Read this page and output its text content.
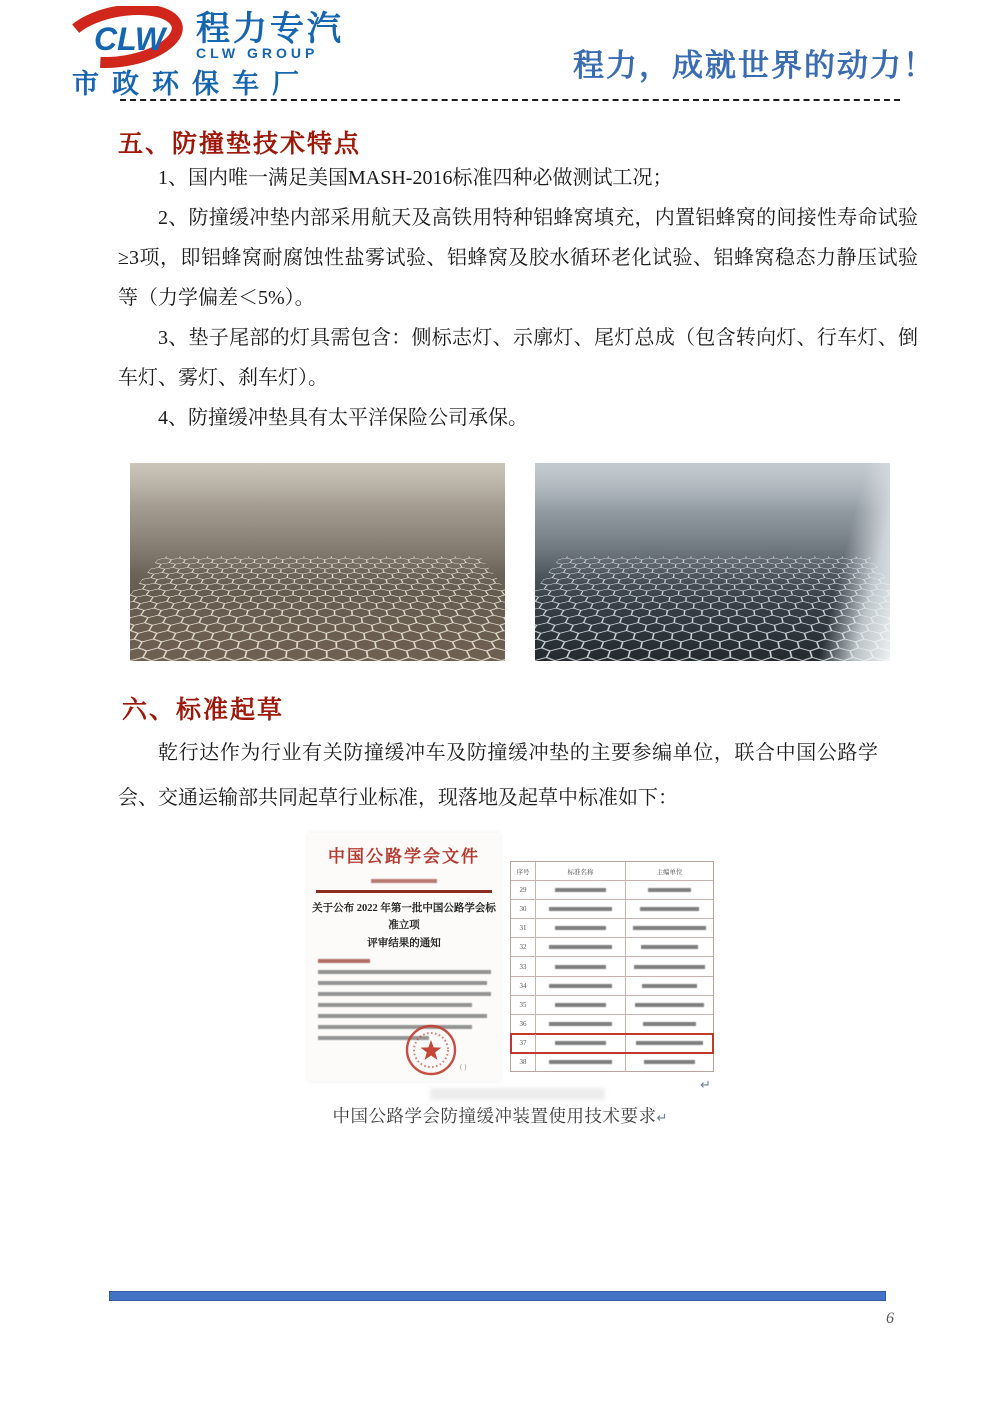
CLW 程力专汽
CLW GROUP
市政环保车厂
程力，成就世界的动力！
五、防撞垫技术特点

1、国内唯一满足美国MASH-2016标准四种必做测试工况；

2、防撞缓冲垫内部采用航天及高铁用特种铝蜂窝填充，内置铝蜂窝的间接性寿命试验≥3项，即铝蜂窝耐腐蚀性盐雾试验、铝蜂窝及胶水循环老化试验、铝蜂窝稳态力静压试验等（力学偏差＜5%）。

3、垫子尾部的灯具需包含：侧标志灯、示廓灯、尾灯总成（包含转向灯、行车灯、倒车灯、雾灯、刹车灯）。

4、防撞缓冲垫具有太平洋保险公司承保。

六、标准起草
乾行达作为行业有关防撞缓冲车及防撞缓冲垫的主要参编单位，联合中国公路学会、交通运输部共同起草行业标准，现落地及起草中标准如下：
中国公路学会文件
关于公布 2022 年第一批中国公路学会标准立项
评审结果的通知
( )
序号	标准名称	主编单位
29
30
31
32
33
34
35
36
37
38
↵
中国公路学会防撞缓冲装置使用技术要求↵
6
